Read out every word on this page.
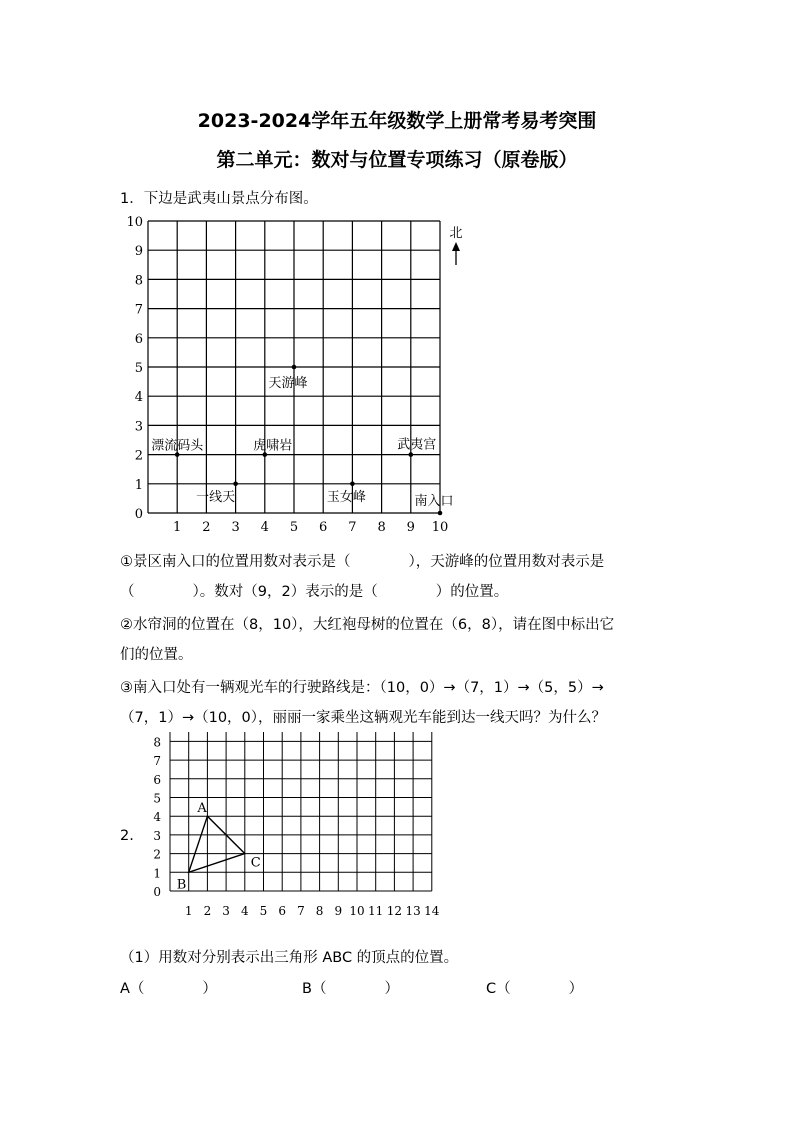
2023-2024学年五年级数学上册常考易考突围
第二单元：数对与位置专项练习（原卷版）
1．下边是武夷山景点分布图。
0
1
2
3
4
5
6
7
8
9
10
1 2 3 4 5 6 7 8 9 10
北
天游峰
漂流码头	虎啸岩	武夷宫
一线天	玉女峰	南入口
①景区南入口的位置用数对表示是（　　　　），天游峰的位置用数对表示是
（　　　　）。数对（9，2）表示的是（　　　　）的位置。
②水帘洞的位置在（8，10），大红袍母树的位置在（6，8），请在图中标出它
们的位置。
③南入口处有一辆观光车的行驶路线是：（10，0）→（7，1）→（5，5）→
（7，1）→（10，0），丽丽一家乘坐这辆观光车能到达一线天吗？为什么？
2.
0
1
2
3
4
5
6
7
8
1 2 3 4 5 6 7 8 9 10 11 12 13 14
A
B
C
（1）用数对分别表示出三角形 ABC 的顶点的位置。
A（　　　　）	B（　　　　）	C（　　　　）
